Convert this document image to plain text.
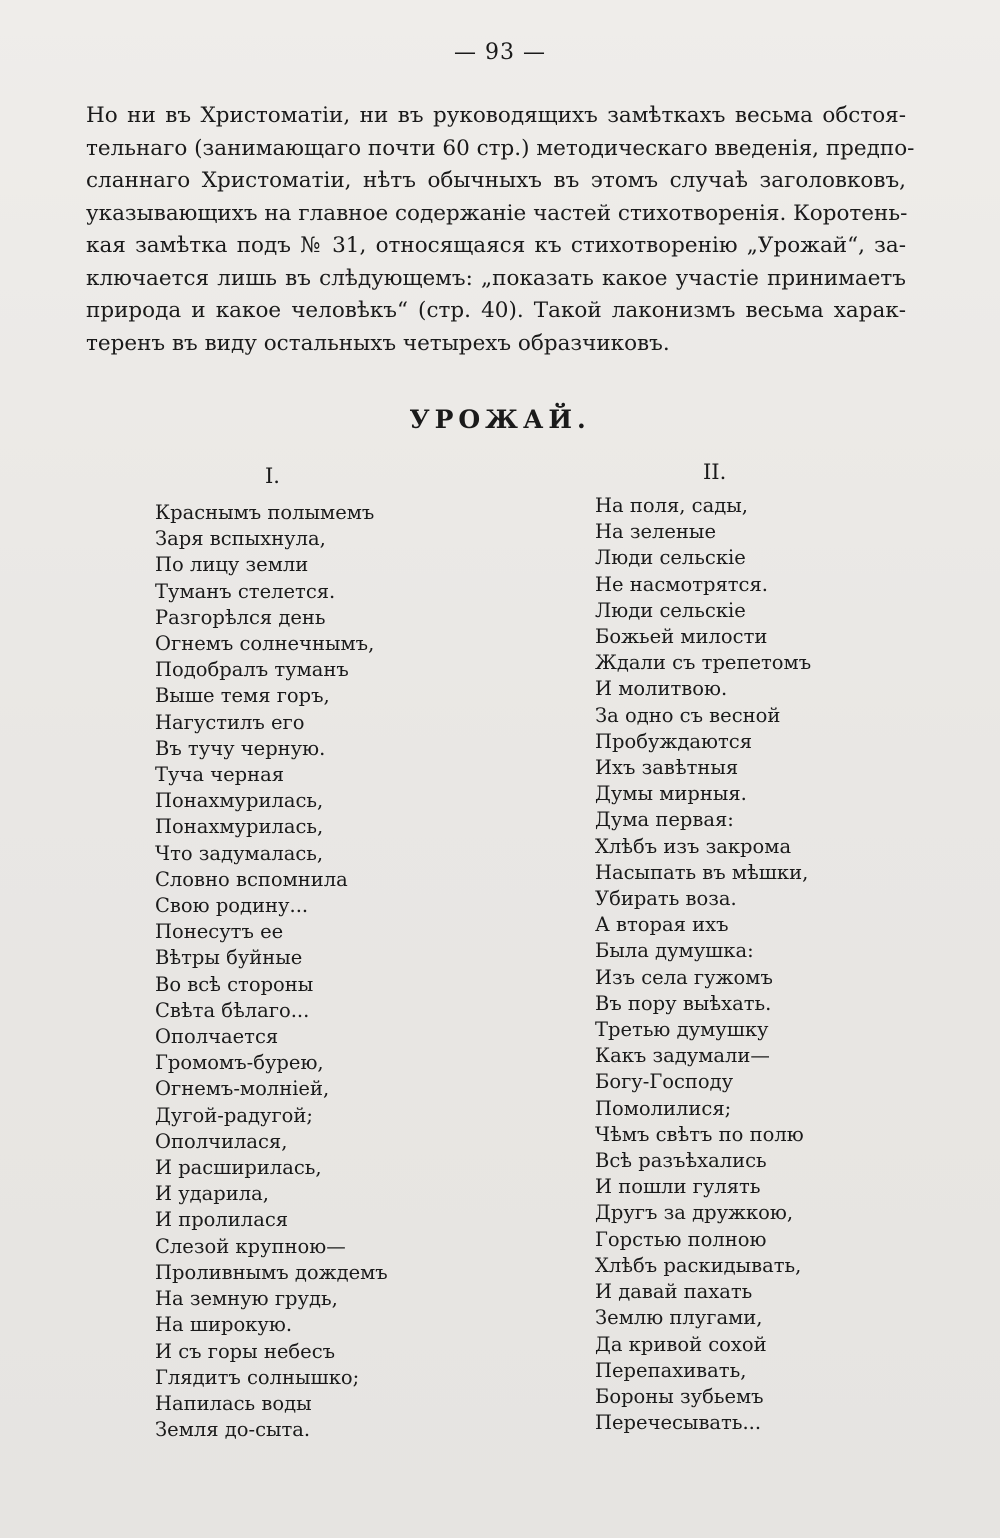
— 93 —
Но ни въ Христоматіи, ни въ руководящихъ замѣткахъ весьма обстоя-
тельнаго (занимающаго почти 60 стр.) методическаго введенія, предпо-
сланнаго Христоматіи, нѣтъ обычныхъ въ этомъ случаѣ заголовковъ,
указывающихъ на главное содержаніе частей стихотворенія. Коротень-
кая замѣтка подъ № 31, относящаяся къ стихотворенію „Урожай“, за-
ключается лишь въ слѣдующемъ: „показать какое участіе принимаетъ
природа и какое человѣкъ“ (стр. 40). Такой лаконизмъ весьма харак-
теренъ въ виду остальныхъ четырехъ образчиковъ.
УРОЖАЙ.
I.	II.
Краснымъ полымемъ
Заря вспыхнула,
По лицу земли
Туманъ стелется.
Разгорѣлся день
Огнемъ солнечнымъ,
Подобралъ туманъ
Выше темя горъ,
Нагустилъ его
Въ тучу черную.
Туча черная
Понахмурилась,
Понахмурилась,
Что задумалась,
Словно вспомнила
Свою родину...
Понесутъ ее
Вѣтры буйные
Во всѣ стороны
Свѣта бѣлаго...
Ополчается
Громомъ-бурею,
Огнемъ-молніей,
Дугой-радугой;
Ополчилася,
И расширилась,
И ударила,
И пролилася
Слезой крупною—
Проливнымъ дождемъ
На земную грудь,
На широкую.
И съ горы небесъ
Глядитъ солнышко;
Напилась воды
Земля до-сыта.
На поля, сады,
На зеленые
Люди сельскіе
Не насмотрятся.
Люди сельскіе
Божьей милости
Ждали съ трепетомъ
И молитвою.
За одно съ весной
Пробуждаются
Ихъ завѣтныя
Думы мирныя.
Дума первая:
Хлѣбъ изъ закрома
Насыпать въ мѣшки,
Убирать воза.
А вторая ихъ
Была думушка:
Изъ села гужомъ
Въ пору выѣхать.
Третью думушку
Какъ задумали—
Богу-Господу
Помолилися;
Чѣмъ свѣтъ по полю
Всѣ разъѣхались
И пошли гулять
Другъ за дружкою,
Горстью полною
Хлѣбъ раскидывать,
И давай пахать
Землю плугами,
Да кривой сохой
Перепахивать,
Бороны зубьемъ
Перечесывать...
